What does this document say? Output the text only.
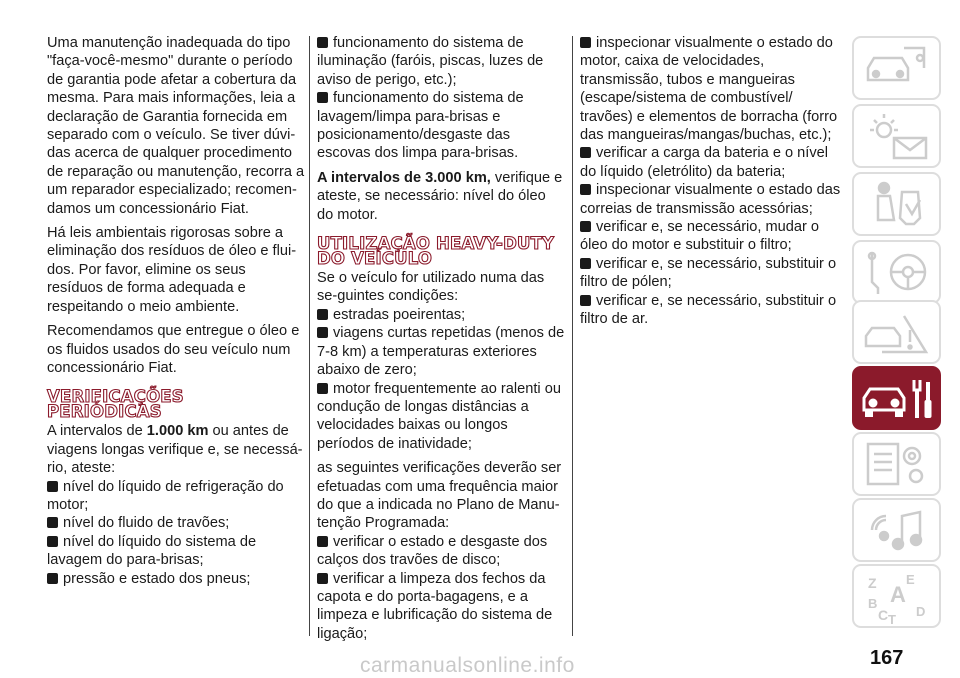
Uma manutenção inadequada do tipo "faça-você-mesmo" durante o período de garantia pode afetar a cobertura da mesma. Para mais informações, leia a declaração de Garantia fornecida em separado com o veículo. Se tiver dúvi-das acerca de qualquer procedimento de reparação ou manutenção, recorra a um reparador especializado; recomen-damos um concessionário Fiat.

Há leis ambientais rigorosas sobre a eliminação dos resíduos de óleo e flui-dos. Por favor, elimine os seus resíduos de forma adequada e respeitando o meio ambiente.

Recomendamos que entregue o óleo e os fluidos usados do seu veículo num concessionário Fiat.

VERIFICAÇÕES
PERIÓDICAS

A intervalos de 1.000 km ou antes de viagens longas verifique e, se necessá-rio, ateste:

nível do líquido de refrigeração do motor;
nível do fluido de travões;
nível do líquido do sistema de lavagem do para-brisas;
pressão e estado dos pneus;
funcionamento do sistema de iluminação (faróis, piscas, luzes de aviso de perigo, etc.);
funcionamento do sistema de lavagem/limpa para-brisas e posicionamento/desgaste das escovas dos limpa para-brisas.

A intervalos de 3.000 km, verifique e ateste, se necessário: nível do óleo do motor.

UTILIZAÇÃO HEAVY-DUTY
DO VEÍCULO

Se o veículo for utilizado numa das se-guintes condições:

estradas poeirentas;
viagens curtas repetidas (menos de 7-8 km) a temperaturas exteriores abaixo de zero;
motor frequentemente ao ralenti ou condução de longas distâncias a velocidades baixas ou longos períodos de inatividade;

as seguintes verificações deverão ser efetuadas com uma frequência maior do que a indicada no Plano de Manu-tenção Programada:

verificar o estado e desgaste dos calços dos travões de disco;
verificar a limpeza dos fechos da capota e do porta-bagagens, e a limpeza e lubrificação do sistema de ligação;
inspecionar visualmente o estado do motor, caixa de velocidades, transmissão, tubos e mangueiras (escape/sistema de combustível/ travões) e elementos de borracha (forro das mangueiras/mangas/buchas, etc.);
verificar a carga da bateria e o nível do líquido (eletrólito) da bateria;
inspecionar visualmente o estado das correias de transmissão acessórias;
verificar e, se necessário, mudar o óleo do motor e substituir o filtro;
verificar e, se necessário, substituir o filtro de pólen;
verificar e, se necessário, substituir o filtro de ar.
Z E
B A
C T
D
167
carmanualsonline.info
